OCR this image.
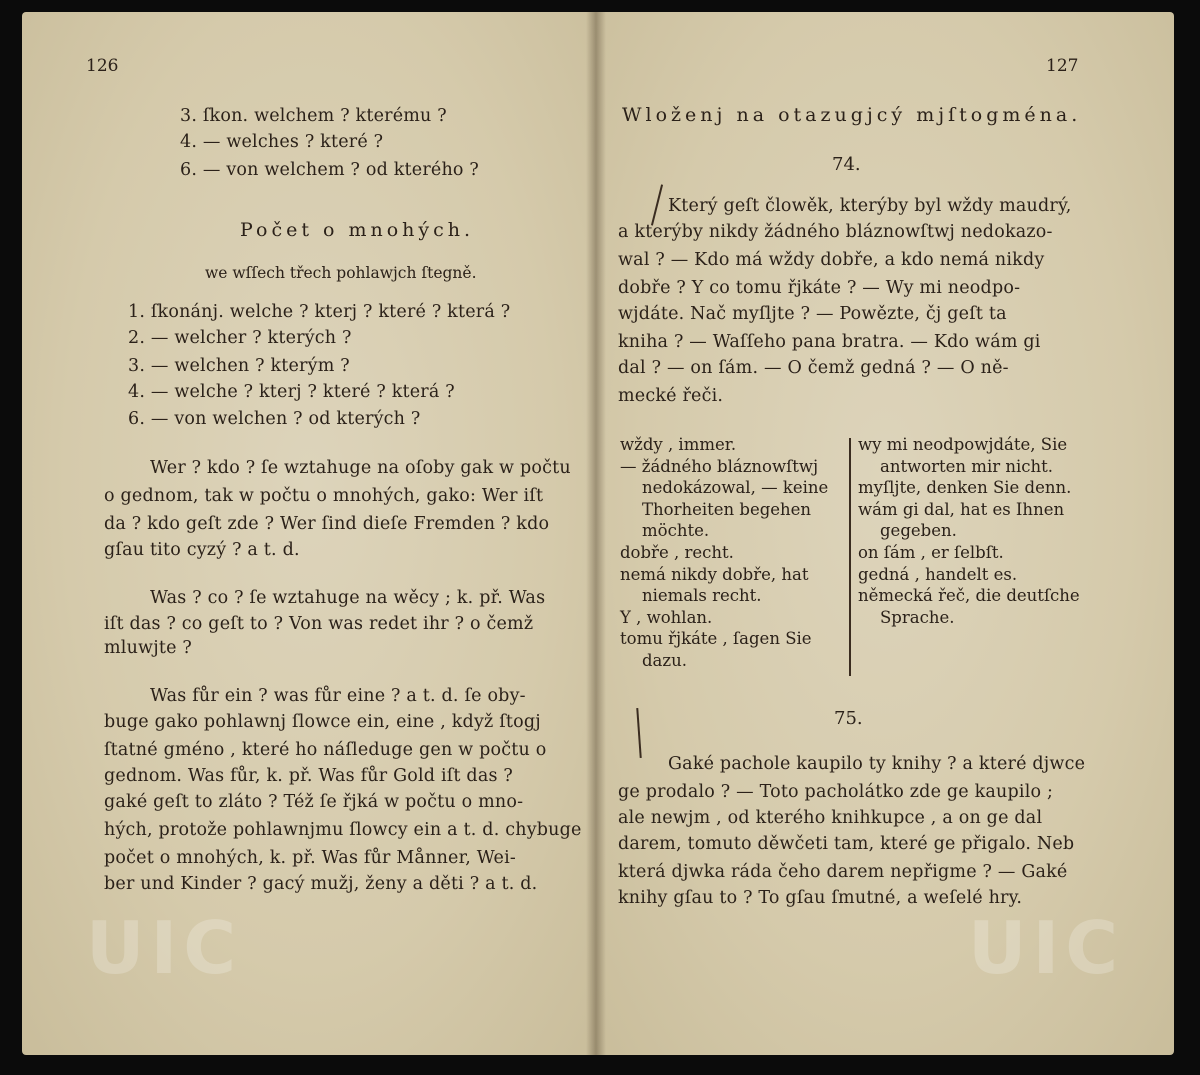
126
3. ſkon. welchem ? kterému ?
4. — welches ? které ?
6. — von welchem ? od kterého ?
Počet o mnohých.
we wſſech třech pohlawjch ſtegně.
1. ſkonánj. welche ? kterj ? které ? která ?
2. — welcher ? kterých ?
3. — welchen ? kterým ?
4. — welche ? kterj ? které ? která ?
6. — von welchen ? od kterých ?
Wer ? kdo ? ſe wztahuge na oſoby gak w počtu
o gednom, tak w počtu o mnohých, gako: Wer iſt
da ? kdo geſt zde ? Wer ſind dieſe Fremden ? kdo
gſau tito cyzý ? a t. d.
Was ? co ? ſe wztahuge na wěcy ; k. př. Was
iſt das ? co geſt to ? Von was redet ihr ? o čemž
mluwjte ?
Was fůr ein ? was fůr eine ? a t. d. ſe oby-
buge gako pohlawnj ſlowce ein, eine , když ſtogj
ſtatné gméno , které ho náſleduge gen w počtu o
gednom. Was fůr, k. př. Was fůr Gold iſt das ?
gaké geſt to zláto ? Též ſe řjká w počtu o mno-
hých, protože pohlawnjmu ſlowcy ein a t. d. chybuge
počet o mnohých, k. př. Was fůr Månner, Wei-
ber und Kinder ? gacý mužj, ženy a děti ? a t. d.
UIC
127
Wloženj na otazugjcý mjſtogména.
74.
Který geſt člowěk, kterýby byl wždy maudrý,
a kterýby nikdy žádného bláznowſtwj nedokazo-
wal ? — Kdo má wždy dobře, a kdo nemá nikdy
dobře ? Y co tomu řjkáte ? — Wy mi neodpo-
wjdáte. Nač myſljte ? — Powězte, čj geſt ta
kniha ? — Waſſeho pana bratra. — Kdo wám gi
dal ? — on ſám. — O čemž gedná ? — O ně-
mecké řeči.
wždy , immer.
— žádného bláznowſtwj
nedokázowal, — keine
Thorheiten begehen
möchte.
dobře , recht.
nemá nikdy dobře, hat
niemals recht.
Y , wohlan.
tomu řjkáte , ſagen Sie
dazu.
wy mi neodpowjdáte, Sie
antworten mir nicht.
myſljte, denken Sie denn.
wám gi dal, hat es Ihnen
gegeben.
on ſám , er ſelbſt.
gedná , handelt es.
německá řeč, die deutſche
Sprache.
75.
Gaké pachole kaupilo ty knihy ? a které djwce
ge prodalo ? — Toto pacholátko zde ge kaupilo ;
ale newjm , od kterého knihkupce , a on ge dal
darem, tomuto děwčeti tam, které ge přigalo. Neb
která djwka ráda čeho darem nepřigme ? — Gaké
knihy gſau to ? To gſau ſmutné, a weſelé hry.
UIC
